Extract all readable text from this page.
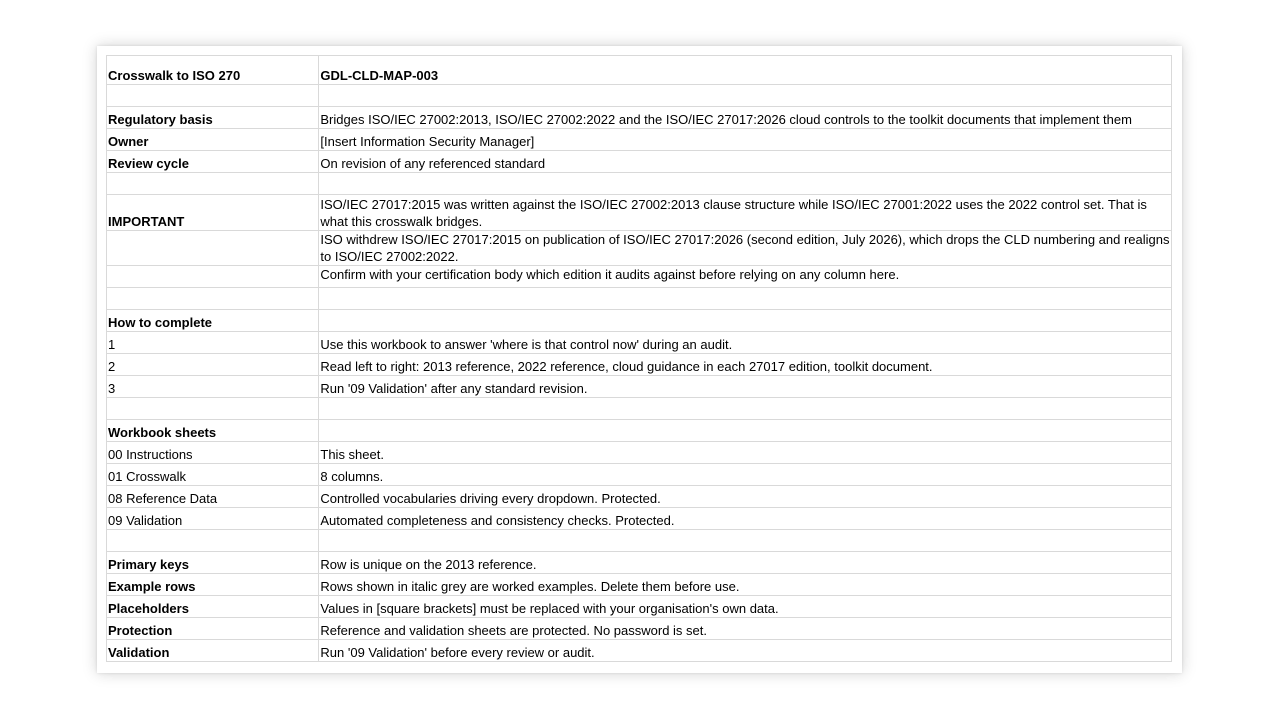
Crosswalk to ISO 270	GDL-CLD-MAP-003

Regulatory basis	Bridges ISO/IEC 27002:2013, ISO/IEC 27002:2022 and the ISO/IEC 27017:2026 cloud controls to the toolkit documents that implement them
Owner	[Insert Information Security Manager]
Review cycle	On revision of any referenced standard

IMPORTANT	ISO/IEC 27017:2015 was written against the ISO/IEC 27002:2013 clause structure while ISO/IEC 27001:2022 uses the 2022 control set. That is what this crosswalk bridges.
	ISO withdrew ISO/IEC 27017:2015 on publication of ISO/IEC 27017:2026 (second edition, July 2026), which drops the CLD numbering and realigns to ISO/IEC 27002:2022.
	Confirm with your certification body which edition it audits against before relying on any column here.

How to complete	
1	Use this workbook to answer 'where is that control now' during an audit.
2	Read left to right: 2013 reference, 2022 reference, cloud guidance in each 27017 edition, toolkit document.
3	Run '09 Validation' after any standard revision.

Workbook sheets	
00 Instructions	This sheet.
01 Crosswalk	8 columns.
08 Reference Data	Controlled vocabularies driving every dropdown. Protected.
09 Validation	Automated completeness and consistency checks. Protected.

Primary keys	Row is unique on the 2013 reference.
Example rows	Rows shown in italic grey are worked examples. Delete them before use.
Placeholders	Values in [square brackets] must be replaced with your organisation's own data.
Protection	Reference and validation sheets are protected. No password is set.
Validation	Run '09 Validation' before every review or audit.
